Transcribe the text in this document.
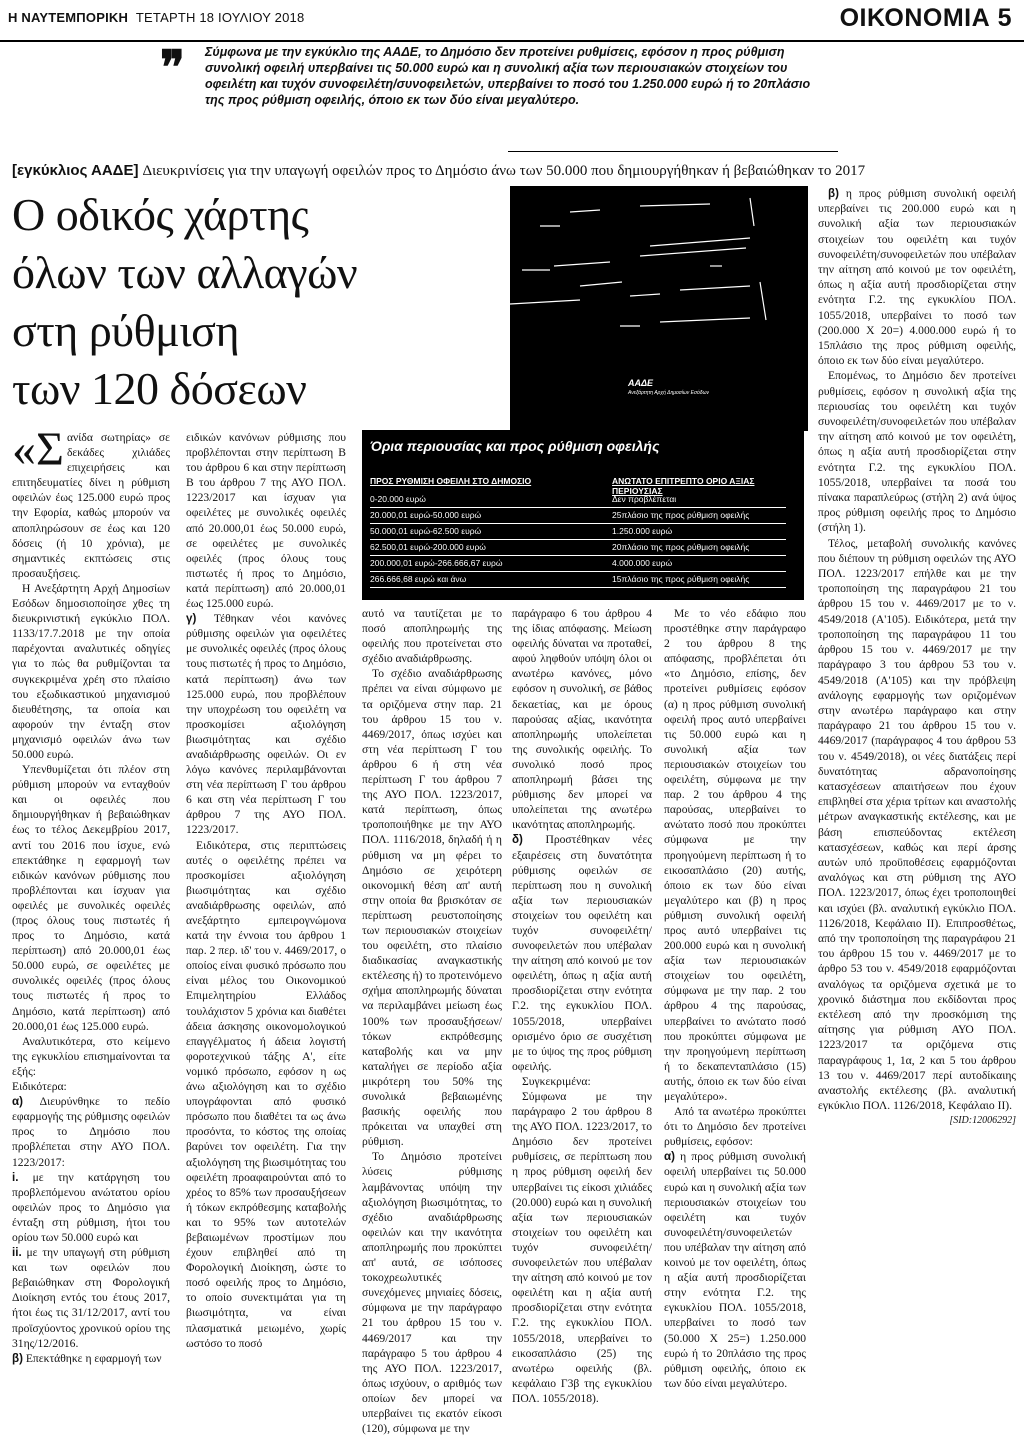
Η ΝΑΥΤΕΜΠΟΡΙΚΗ ΤΕΤΑΡΤΗ 18 ΙΟΥΛΙΟΥ 2018	ΟΙΚΟΝΟΜΙΑ 5
❞ Σύμφωνα με την εγκύκλιο της ΑΑΔΕ, το Δημόσιο δεν προτείνει ρυθμίσεις, εφόσον η προς ρύθμιση συνολική οφειλή υπερβαίνει τις 50.000 ευρώ και η συνολική αξία των περιουσιακών στοιχείων του οφειλέτη και τυχόν συνοφειλέτη/συνοφειλετών, υπερβαίνει το ποσό του 1.250.000 ευρώ ή το 20πλάσιο της προς ρύθμιση οφειλής, όποιο εκ των δύο είναι μεγαλύτερο.
[εγκύκλιος ΑΑΔΕ] Διευκρινίσεις για την υπαγωγή οφειλών προς το Δημόσιο άνω των 50.000 που δημιουργήθηκαν ή βεβαιώθηκαν το 2017
Ο οδικός χάρτης
όλων των αλλαγών
στη ρύθμιση
των 120 δόσεων	ΑΑΔΕ
Ανεξάρτητη Αρχή Δημοσίων Εσόδων
Όρια περιουσίας και προς ρύθμιση οφειλής
ΠΡΟΣ ΡΥΘΜΙΣΗ ΟΦΕΙΛΗ ΣΤΟ ΔΗΜΟΣΙΟ	ΑΝΩΤΑΤΟ ΕΠΙΤΡΕΠΤΟ ΟΡΙΟ ΑΞΙΑΣ ΠΕΡΙΟΥΣΙΑΣ
0-20.000 ευρώ	Δεν προβλέπεται
20.000,01 ευρώ-50.000 ευρώ	25πλάσιο της προς ρύθμιση οφειλής
50.000,01 ευρώ-62.500 ευρώ	1.250.000 ευρώ
62.500,01 ευρώ-200.000 ευρώ	20πλάσιο της προς ρύθμιση οφειλής
200.000,01 ευρώ-266.666,67 ευρώ	4.000.000 ευρώ
266.666,68 ευρώ και άνω	15πλάσιο της προς ρύθμιση οφειλής

«Σανίδα σωτηρίας» σε δεκάδες χιλιάδες επιχειρήσεις και επιτηδευματίες δίνει η ρύθμιση οφειλών έως 125.000 ευρώ προς την Εφορία, καθώς μπορούν να αποπληρώσουν σε έως και 120 δόσεις (ή 10 χρόνια), με σημαντικές εκπτώσεις στις προσαυξήσεις.

Η Ανεξάρτητη Αρχή Δημοσίων Εσόδων δημοσιοποίησε χθες τη διευκρινιστική εγκύκλιο ΠΟΛ. 1133/17.7.2018 με την οποία παρέχονται αναλυτικές οδηγίες για το πώς θα ρυθμίζονται τα συγκεκριμένα χρέη στο πλαίσιο του εξωδικαστικού μηχανισμού διευθέτησης, τα οποία και αφορούν την ένταξη στον μηχανισμό οφειλών άνω των 50.000 ευρώ.

Υπενθυμίζεται ότι πλέον στη ρύθμιση μπορούν να ενταχθούν και οι οφειλές που δημιουργήθηκαν ή βεβαιώθηκαν έως το τέλος Δεκεμβρίου 2017, αντί του 2016 που ίσχυε, ενώ επεκτάθηκε η εφαρμογή των ειδικών κανόνων ρύθμισης που προβλέπονται και ίσχυαν για οφειλές με συνολικές οφειλές (προς όλους τους πιστωτές ή προς το Δημόσιο, κατά περίπτωση) από 20.000,01 έως 50.000 ευρώ, σε οφειλέτες με συνολικές οφειλές (προς όλους τους πιστωτές ή προς το Δημόσιο, κατά περίπτωση) από 20.000,01 έως 125.000 ευρώ.

Αναλυτικότερα, στο κείμενο της εγκυκλίου επισημαίνονται τα εξής:

Ειδικότερα:

α) Διευρύνθηκε το πεδίο εφαρμογής της ρύθμισης οφειλών προς το Δημόσιο που προβλέπεται στην ΑΥΟ ΠΟΛ. 1223/2017:

i. με την κατάργηση του προβλεπόμενου ανώτατου ορίου οφειλών προς το Δημόσιο για ένταξη στη ρύθμιση, ήτοι του ορίου των 50.000 ευρώ και

ii. με την υπαγωγή στη ρύθμιση και των οφειλών που βεβαιώθηκαν στη Φορολογική Διοίκηση εντός του έτους 2017, ήτοι έως τις 31/12/2017, αντί του προϊσχύοντος χρονικού ορίου της 31ης/12/2016.

β) Επεκτάθηκε η εφαρμογή των

ειδικών κανόνων ρύθμισης που προβλέπονται στην περίπτωση Β του άρθρου 6 και στην περίπτωση Β του άρθρου 7 της ΑΥΟ ΠΟΛ. 1223/2017 και ίσχυαν για οφειλέτες με συνολικές οφειλές από 20.000,01 έως 50.000 ευρώ, σε οφειλέτες με συνολικές οφειλές (προς όλους τους πιστωτές ή προς το Δημόσιο, κατά περίπτωση) από 20.000,01 έως 125.000 ευρώ.

γ) Τέθηκαν νέοι κανόνες ρύθμισης οφειλών για οφειλέτες με συνολικές οφειλές (προς όλους τους πιστωτές ή προς το Δημόσιο, κατά περίπτωση) άνω των 125.000 ευρώ, που προβλέπουν την υποχρέωση του οφειλέτη να προσκομίσει αξιολόγηση βιωσιμότητας και σχέδιο αναδιάρθρωσης οφειλών. Οι εν λόγω κανόνες περιλαμβάνονται στη νέα περίπτωση Γ του άρθρου 6 και στη νέα περίπτωση Γ του άρθρου 7 της ΑΥΟ ΠΟΛ. 1223/2017.

Ειδικότερα, στις περιπτώσεις αυτές ο οφειλέτης πρέπει να προσκομίσει αξιολόγηση βιωσιμότητας και σχέδιο αναδιάρθρωσης οφειλών, από ανεξάρτητο εμπειρογνώμονα κατά την έννοια του άρθρου 1 παρ. 2 περ. ιδ' του ν. 4469/2017, ο οποίος είναι φυσικό πρόσωπο που είναι μέλος του Οικονομικού Επιμελητηρίου Ελλάδος τουλάχιστον 5 χρόνια και διαθέτει άδεια άσκησης οικονομολογικού επαγγέλματος ή άδεια λογιστή φοροτεχνικού τάξης Α', είτε νομικό πρόσωπο, εφόσον η ως άνω αξιολόγηση και το σχέδιο υπογράφονται από φυσικό πρόσωπο που διαθέτει τα ως άνω προσόντα, το κόστος της οποίας βαρύνει τον οφειλέτη. Για την αξιολόγηση της βιωσιμότητας του οφειλέτη προαφαιρούνται από το χρέος το 85% των προσαυξήσεων ή τόκων εκπρόθεσμης καταβολής και το 95% των αυτοτελών βεβαιωμένων προστίμων που έχουν επιβληθεί από τη Φορολογική Διοίκηση, ώστε το ποσό οφειλής προς το Δημόσιο, το οποίο συνεκτιμάται για τη βιωσιμότητα, να είναι πλασματικά μειωμένο, χωρίς ωστόσο το ποσό

αυτό να ταυτίζεται με το ποσό αποπληρωμής της οφειλής που προτείνεται στο σχέδιο αναδιάρθρωσης.

Το σχέδιο αναδιάρθρωσης πρέπει να είναι σύμφωνο με τα οριζόμενα στην παρ. 21 του άρθρου 15 του ν. 4469/2017, όπως ισχύει και στη νέα περίπτωση Γ του άρθρου 6 ή στη νέα περίπτωση Γ του άρθρου 7 της ΑΥΟ ΠΟΛ. 1223/2017, κατά περίπτωση, όπως τροποποιήθηκε με την ΑΥΟ ΠΟΛ. 1116/2018, δηλαδή ή η ρύθμιση να μη φέρει το Δημόσιο σε χειρότερη οικονομική θέση απ' αυτή στην οποία θα βρισκόταν σε περίπτωση ρευστοποίησης των περιουσιακών στοιχείων του οφειλέτη, στο πλαίσιο διαδικασίας αναγκαστικής εκτέλεσης ή) το προτεινόμενο σχήμα αποπληρωμής δύναται να περιλαμβάνει μείωση έως 100% των προσαυξήσεων/τόκων εκπρόθεσμης καταβολής και να μην καταλήγει σε περίοδο αξία μικρότερη του 50% της συνολικά βεβαιωμένης βασικής οφειλής που πρόκειται να υπαχθεί στη ρύθμιση.

Το Δημόσιο προτείνει λύσεις ρύθμισης λαμβάνοντας υπόψη την αξιολόγηση βιωσιμότητας, το σχέδιο αναδιάρθρωσης οφειλών και την ικανότητα αποπληρωμής που προκύπτει απ' αυτά, σε ισόποσες τοκοχρεωλυτικές συνεχόμενες μηνιαίες δόσεις, σύμφωνα με την παράγραφο 21 του άρθρου 15 του ν. 4469/2017 και την παράγραφο 5 του άρθρου 4 της ΑΥΟ ΠΟΛ. 1223/2017, όπως ισχύουν, ο αριθμός των οποίων δεν μπορεί να υπερβαίνει τις εκατόν είκοσι (120), σύμφωνα με την

παράγραφο 6 του άρθρου 4 της ίδιας απόφασης. Μείωση οφειλής δύναται να προταθεί, αφού ληφθούν υπόψη όλοι οι ανωτέρω κανόνες, μόνο εφόσον η συνολική, σε βάθος δεκαετίας, και με όρους παρούσας αξίας, ικανότητα αποπληρωμής υπολείπεται της συνολικής οφειλής. Το συνολικό ποσό προς αποπληρωμή βάσει της ρύθμισης δεν μπορεί να υπολείπεται της ανωτέρω ικανότητας αποπληρωμής.

δ) Προστέθηκαν νέες εξαιρέσεις στη δυνατότητα ρύθμισης οφειλών σε περίπτωση που η συνολική αξία των περιουσιακών στοιχείων του οφειλέτη και τυχόν συνοφειλέτη/συνοφειλετών που υπέβαλαν την αίτηση από κοινού με τον οφειλέτη, όπως η αξία αυτή προσδιορίζεται στην ενότητα Γ.2. της εγκυκλίου ΠΟΛ. 1055/2018, υπερβαίνει ορισμένο όριο σε συσχέτιση με το ύψος της προς ρύθμιση οφειλής.

Συγκεκριμένα:

Σύμφωνα με την παράγραφο 2 του άρθρου 8 της ΑΥΟ ΠΟΛ. 1223/2017, το Δημόσιο δεν προτείνει ρυθμίσεις, σε περίπτωση που η προς ρύθμιση οφειλή δεν υπερβαίνει τις είκοσι χιλιάδες (20.000) ευρώ και η συνολική αξία των περιουσιακών στοιχείων του οφειλέτη και τυχόν συνοφειλέτη/συνοφειλετών που υπέβαλαν την αίτηση από κοινού με τον οφειλέτη και η αξία αυτή προσδιορίζεται στην ενότητα Γ.2. της εγκυκλίου ΠΟΛ. 1055/2018, υπερβαίνει το εικοσαπλάσιο (25) της ανωτέρω οφειλής (βλ. κεφάλαιο Γ3β της εγκυκλίου ΠΟΛ. 1055/2018).

Με το νέο εδάφιο που προστέθηκε στην παράγραφο 2 του άρθρου 8 της απόφασης, προβλέπεται ότι «το Δημόσιο, επίσης, δεν προτείνει ρυθμίσεις εφόσον (α) η προς ρύθμιση συνολική οφειλή προς αυτό υπερβαίνει τις 50.000 ευρώ και η συνολική αξία των περιουσιακών στοιχείων του οφειλέτη, σύμφωνα με την παρ. 2 του άρθρου 4 της παρούσας, υπερβαίνει το ανώτατο ποσό που προκύπτει σύμφωνα με την προηγούμενη περίπτωση ή το εικοσαπλάσιο (20) αυτής, όποιο εκ των δύο είναι μεγαλύτερο και (β) η προς ρύθμιση συνολική οφειλή προς αυτό υπερβαίνει τις 200.000 ευρώ και η συνολική αξία των περιουσιακών στοιχείων του οφειλέτη, σύμφωνα με την παρ. 2 του άρθρου 4 της παρούσας, υπερβαίνει το ανώτατο ποσό που προκύπτει σύμφωνα με την προηγούμενη περίπτωση ή το δεκαπενταπλάσιο (15) αυτής, όποιο εκ των δύο είναι μεγαλύτερο».

Από τα ανωτέρω προκύπτει ότι το Δημόσιο δεν προτείνει ρυθμίσεις, εφόσον:

α) η προς ρύθμιση συνολική οφειλή υπερβαίνει τις 50.000 ευρώ και η συνολική αξία των περιουσιακών στοιχείων του οφειλέτη και τυχόν συνοφειλέτη/συνοφειλετών που υπέβαλαν την αίτηση από κοινού με τον οφειλέτη, όπως η αξία αυτή προσδιορίζεται στην ενότητα Γ.2. της εγκυκλίου ΠΟΛ. 1055/2018, υπερβαίνει το ποσό των (50.000 Χ 25=) 1.250.000 ευρώ ή το 20πλάσιο της προς ρύθμιση οφειλής, όποιο εκ των δύο είναι μεγαλύτερο.

β) η προς ρύθμιση συνολική οφειλή υπερβαίνει τις 200.000 ευρώ και η συνολική αξία των περιουσιακών στοιχείων του οφειλέτη και τυχόν συνοφειλέτη/συνοφειλετών που υπέβαλαν την αίτηση από κοινού με τον οφειλέτη, όπως η αξία αυτή προσδιορίζεται στην ενότητα Γ.2. της εγκυκλίου ΠΟΛ. 1055/2018, υπερβαίνει το ποσό των (200.000 Χ 20=) 4.000.000 ευρώ ή το 15πλάσιο της προς ρύθμιση οφειλής, όποιο εκ των δύο είναι μεγαλύτερο.

Επομένως, το Δημόσιο δεν προτείνει ρυθμίσεις, εφόσον η συνολική αξία της περιουσίας του οφειλέτη και τυχόν συνοφειλέτη/συνοφειλετών που υπέβαλαν την αίτηση από κοινού με τον οφειλέτη, όπως η αξία αυτή προσδιορίζεται στην ενότητα Γ.2. της εγκυκλίου ΠΟΛ. 1055/2018, υπερβαίνει τα ποσά του πίνακα παραπλεύρως (στήλη 2) ανά ύψος προς ρύθμιση οφειλής προς το Δημόσιο (στήλη 1).

Τέλος, μεταβολή συνολικής κανόνες που διέπουν τη ρύθμιση οφειλών της ΑΥΟ ΠΟΛ. 1223/2017 επήλθε και με την τροποποίηση της παραγράφου 21 του άρθρου 15 του ν. 4469/2017 με το ν. 4549/2018 (Α'105). Ειδικότερα, μετά την τροποποίηση της παραγράφου 11 του άρθρου 15 του ν. 4469/2017 με την παράγραφο 3 του άρθρου 53 του ν. 4549/2018 (Α'105) και την πρόβλεψη ανάλογης εφαρμογής των οριζομένων στην ανωτέρω παράγραφο και στην παράγραφο 21 του άρθρου 15 του ν. 4469/2017 (παράγραφος 4 του άρθρου 53 του ν. 4549/2018), οι νέες διατάξεις περί δυνατότητας αδρανοποίησης κατασχέσεων απαιτήσεων που έχουν επιβληθεί στα χέρια τρίτων και αναστολής μέτρων αναγκαστικής εκτέλεσης, και με βάση επισπεύδοντας εκτέλεση κατασχέσεων, καθώς και περί άρσης αυτών υπό προϋποθέσεις εφαρμόζονται αναλόγως και στη ρύθμιση της ΑΥΟ ΠΟΛ. 1223/2017, όπως έχει τροποποιηθεί και ισχύει (βλ. αναλυτική εγκύκλιο ΠΟΛ. 1126/2018, Κεφάλαιο ΙΙ). Επιπροσθέτως, από την τροποποίηση της παραγράφου 21 του άρθρου 15 του ν. 4469/2017 με το άρθρο 53 του ν. 4549/2018 εφαρμόζονται αναλόγως τα οριζόμενα σχετικά με το χρονικό διάστημα που εκδίδονται προς εκτέλεση από την προσκόμιση της αίτησης για ρύθμιση ΑΥΟ ΠΟΛ. 1223/2017 τα οριζόμενα στις παραγράφους 1, 1α, 2 και 5 του άρθρου 13 του ν. 4469/2017 περί αυτοδίκαιης αναστολής εκτέλεσης (βλ. αναλυτική εγκύκλιο ΠΟΛ. 1126/2018, Κεφάλαιο ΙΙ).

[SID:12006292]
